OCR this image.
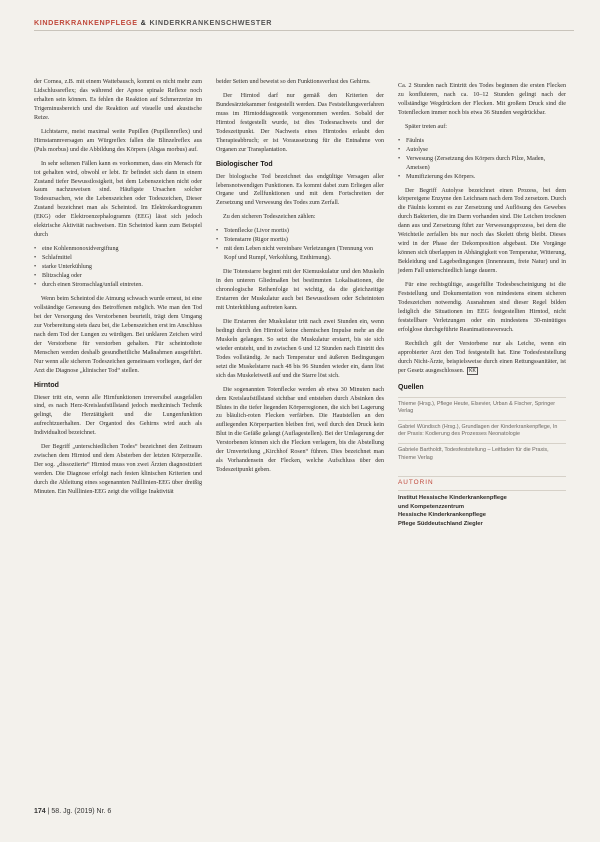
KINDERKRANKENPFLEGE & KINDERKRANKENSCHWESTER

der Cornea, z.B. mit einem Wattebausch, kommt es nicht mehr zum Lidschlussreflex; das während der Apnoe spinale Reflexe noch erhalten sein können. Es fehlen die Reaktion auf Schmerzreize im Trigeminusbereich und die Reaktion auf visuelle und akustische Reize.

Lichtstarre, meist maximal weite Pupillen (Pupillenreflex) und Hirnstammversagen am Würgreflex fallen die Blinzelreflex aus (Puls morbus) und die Abbildung des Körpers (Abgas morbus) auf.

In sehr seltenen Fällen kann es vorkommen, dass ein Mensch für tot gehalten wird, obwohl er lebt. Er befindet sich dann in einem Zustand tiefer Bewusstlosigkeit, bei dem Lebenszeichen nicht oder kaum nachzuweisen sind. Häufigste Ursachen solcher Todesursachen, wie die Lebenszeichen oder Todeszeichen, Dieser Zustand bezeichnet man als Scheintod. Im Elektrokardiogramm (EKG) oder Elektroenzephalogramm (EEG) lässt sich jedoch elektrische Aktivität nachweisen. Ein Scheintod kann zum Beispiel durch

• eine Kohlenmonoxidvergiftung
• Schlafmittel
• starke Unterkühlung
• Blitzschlag oder
• durch einen Stromschlag/unfall eintreten.

Wenn beim Scheintod die Atmung schwach wurde erneut, ist eine vollständige Genesung des Betroffenen möglich. Wie man den Tod bei der Versorgung des Verstorbenen beurteilt, trägt dem Umgang zur Vorbereitung stets dazu bei, die Lebenszeichen erst im Anschluss nach dem Tod der Lungen zu würdigen. Bei unklaren Zeichen wird der Verstorbene für verstorben gehalten. Für scheintodtote Menschen werden deshalb gesundheitliche Maßnahmen ausgeführt. Nur wenn alle sicheren Todeszeichen gemeinsam vorliegen, darf der Arzt die Diagnose „klinischer Tod“ stellen.

Hirntod

Dieser tritt ein, wenn alle Hirnfunktionen irreversibel ausgefallen sind, es nach Herz-Kreislaufstillstand jedoch medizinisch Technik gelingt, die Herztätigkeit und die Lungenfunktion aufrechtzuerhalten. Der Organtod des Gehirns wird auch als Individualtod bezeichnet.

Der Begriff „unterschiedlichen Todes“ bezeichnet den Zeitraum zwischen dem Hirntod und dem Absterben der letzten Körperzelle. Der sog. „dissoziierte“ Hirntod muss von zwei Ärzten diagnostiziert werden. Die Diagnose erfolgt nach festen klinischen Kriterien und durch die Ableitung eines sogenannten Nulllinien-EEG über dreißig Minuten. Ein Nulllinien-EEG zeigt die völlige Inaktivität

beider Seiten und beweist so den Funktionsverlust des Gehirns.

Der Hirntod darf nur gemäß den Kriterien der Bundesärztekammer festgestellt werden. Das Feststellungsverfahren muss im Hirntoddiagnostik vorgenommen werden. Sobald der Hirntod festgestellt wurde, ist dies Todesnachweis und der Todeszeitpunkt. Der Nachweis eines Hirntodes erlaubt den Therapieabbruch; er ist Voraussetzung für die Entnahme von Organen zur Transplantation.

Biologischer Tod

Der biologische Tod bezeichnet das endgültige Versagen aller lebensnotwendigen Funktionen. Es kommt dabei zum Erliegen aller Organe und Zellfunktionen und mit dem Fortschreiten der Zersetzung und Verwesung des Todes zum Zerfall.

Zu den sicheren Todeszeichen zählen:

• Totenflecke (Livor mortis)
• Totenstarre (Rigor mortis)
• mit dem Leben nicht vereinbare Verletzungen (Trennung von Kopf und Rumpf, Verkohlung, Enthirnung).

Die Totenstarre beginnt mit der Kiemuskulatur und den Muskeln in den unteren Gliedmaßen bei bestimmten Lokalisationen, die chronologische Reihenfolge ist wichtig, da die gleichzeitige Erstarren der Muskulatur auch bei Bewusstlosen oder Scheintoten mit Unterkühlung auftreten kann.

Die Erstarren der Muskulatur tritt nach zwei Stunden ein, wenn bedingt durch den Hirntod keine chemischen Impulse mehr an die Muskeln gelangen. So setzt die Muskulatur erstarrt, bis sie sich wieder entsteht, und in zwischen 6 und 12 Stunden nach Eintritt des Todes vollständig. Je nach Temperatur und äußeren Bedingungen setzt die Muskelstarre nach 48 bis 96 Stunden wieder ein, dann löst sich das Muskeleiweiß auf und die Starre löst sich.

Die sogenannten Totenflecke werden ab etwa 30 Minuten nach dem Kreislaufstillstand sichtbar und entstehen durch Absinken des Blutes in die tiefer liegenden Körperregionen, die sich bei Lagerung zu bläulich-roten Flecken verfärben. Die Hautstellen an den aufliegenden Körperpartien bleiben frei, weil durch den Druck kein Blut in die Gefäße gelangt (Auflagestellen). Bei der Umlagerung der Verstorbenen können sich die Flecken verlagern, bis die Abstellung der Umverteilung „Kirchhof Rosen“ führen. Dies bezeichnet man als Vorhandensein der Flecken, welche Aufschluss über den Todeszeitpunkt geben.

Ca. 2 Stunden nach Eintritt des Todes beginnen die ersten Flecken zu konfluieren, nach ca. 10–12 Stunden gelingt nach der vollständige Wegdrücken der Flecken. Mit großem Druck sind die Totenflecken immer noch bis etwa 36 Stunden wegdrückbar.

Später treten auf:

• Fäulnis
• Autolyse
• Verwesung (Zersetzung des Körpers durch Pilze, Maden, Ameisen)
• Mumifizierung des Körpers.

Der Begriff Autolyse bezeichnet einen Prozess, bei dem körpereigene Enzyme den Leichnam nach dem Tod zersetzen. Durch die Fäulnis kommt es zur Zersetzung und Auflösung des Gewebes durch Bakterien, die im Darm vorhanden sind. Die Leichen trocknen dann aus und Zersetzung führt zur Verwesungsprozess, bei dem die Weichteile zerfallen bis nur noch das Skelett übrig bleibt. Dieses wird in der Phase der Dekomposition abgebaut. Die Vorgänge können sich überlappen in Abhängigkeit von Temperatur, Witterung, Bekleidung und Lagebedingungen (Innenraum, freie Natur) und in jedem Fall unterschiedlich lange dauern.

Für eine rechtsgültige, ausgefüllte Todesbescheinigung ist die Feststellung und Dokumentation von mindestens einem sicheren Todeszeichen notwendig. Ausnahmen sind dieser Regel bilden lediglich die Situationen im EEG festgestellten Hirntod, nicht feststellbare Verletzungen oder ein mindestens 30-minütiges erfolglose durchgeführte Reanimationsversuch.

Rechtlich gilt der Verstorbene nur als Leiche, wenn ein approbierter Arzt den Tod festgestellt hat. Eine Todesfeststellung durch Nicht-Ärzte, beispielsweise durch einen Rettungssanitäter, ist per Gesetz ausgeschlossen. KK

Quellen
Thieme (Hrsg.), Pflege Heute, Elsevier, Urban & Fischer, Springer Verlag
Gabriel Wündisch (Hrsg.), Grundlagen der Kinderkrankenpflege, In der Praxis: Kodierung des Prozesses Neonatologie
Gabriele Bartholdt, Todesfeststellung – Leitfaden für die Praxis, Thieme Verlag
AUTORIN
Institut Hessische Kinderkrankenpflege
und Kompetenzzentrum
Hessische Kinderkrankenpflege
Pflege Süddeutschland Ziegler
174 | 58. Jg. (2019) Nr. 6
